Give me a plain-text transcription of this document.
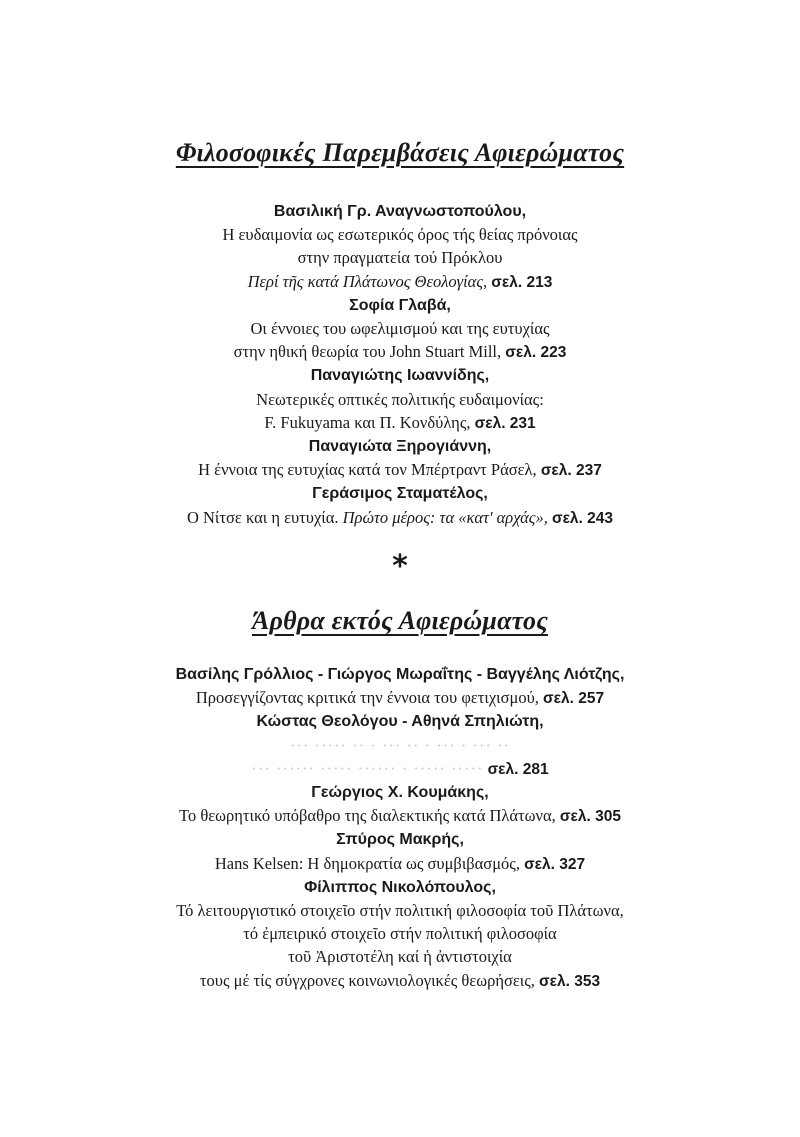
Φιλοσοφικές Παρεμβάσεις Αφιερώματος
Βασιλική Γρ. Αναγνωστοπούλου,
Η ευδαιμονία ως εσωτερικός όρος τής θείας πρόνοιας
στην πραγματεία τού Πρόκλου
Περί τῆς κατά Πλάτωνος Θεολογίας, σελ. 213
Σοφία Γλαβά,
Οι έννοιες του ωφελιμισμού και της ευτυχίας
στην ηθική θεωρία του John Stuart Mill, σελ. 223
Παναγιώτης Ιωαννίδης,
Νεωτερικές οπτικές πολιτικής ευδαιμονίας:
F. Fukuyama και Π. Κονδύλης, σελ. 231
Παναγιώτα Ξηρογιάννη,
Η έννοια της ευτυχίας κατά τον Μπέρτραντ Ράσελ, σελ. 237
Γεράσιμος Σταματέλος,
Ο Νίτσε και η ευτυχία. Πρώτο μέρος: τα «κατ' αρχάς», σελ. 243
*
Άρθρα εκτός Αφιερώματος
Βασίλης Γρόλλιος - Γιώργος Μωραΐτης - Βαγγέλης Λιότζης,
Προσεγγίζοντας κριτικά την έννοια του φετιχισμού, σελ. 257
Κώστας Θεολόγου - Αθηνά Σπηλιώτη,
··· ····· ·· · ··· ·· · ··· · ··· ··
··· ······ ····· ······ · ····· ····· σελ. 281
Γεώργιος Χ. Κουμάκης,
Το θεωρητικό υπόβαθρο της διαλεκτικής κατά Πλάτωνα, σελ. 305
Σπύρος Μακρής,
Hans Kelsen: Η δημοκρατία ως συμβιβασμός, σελ. 327
Φίλιππος Νικολόπουλος,
Τό λειτουργιστικό στοιχεῖο στήν πολιτική φιλοσοφία τοῦ Πλάτωνα,
τό ἐμπειρικό στοιχεῖο στήν πολιτική φιλοσοφία
τοῦ Ἀριστοτέλη καί ἡ ἀντιστοιχία
τους μέ τίς σύγχρονες κοινωνιολογικές θεωρήσεις, σελ. 353
